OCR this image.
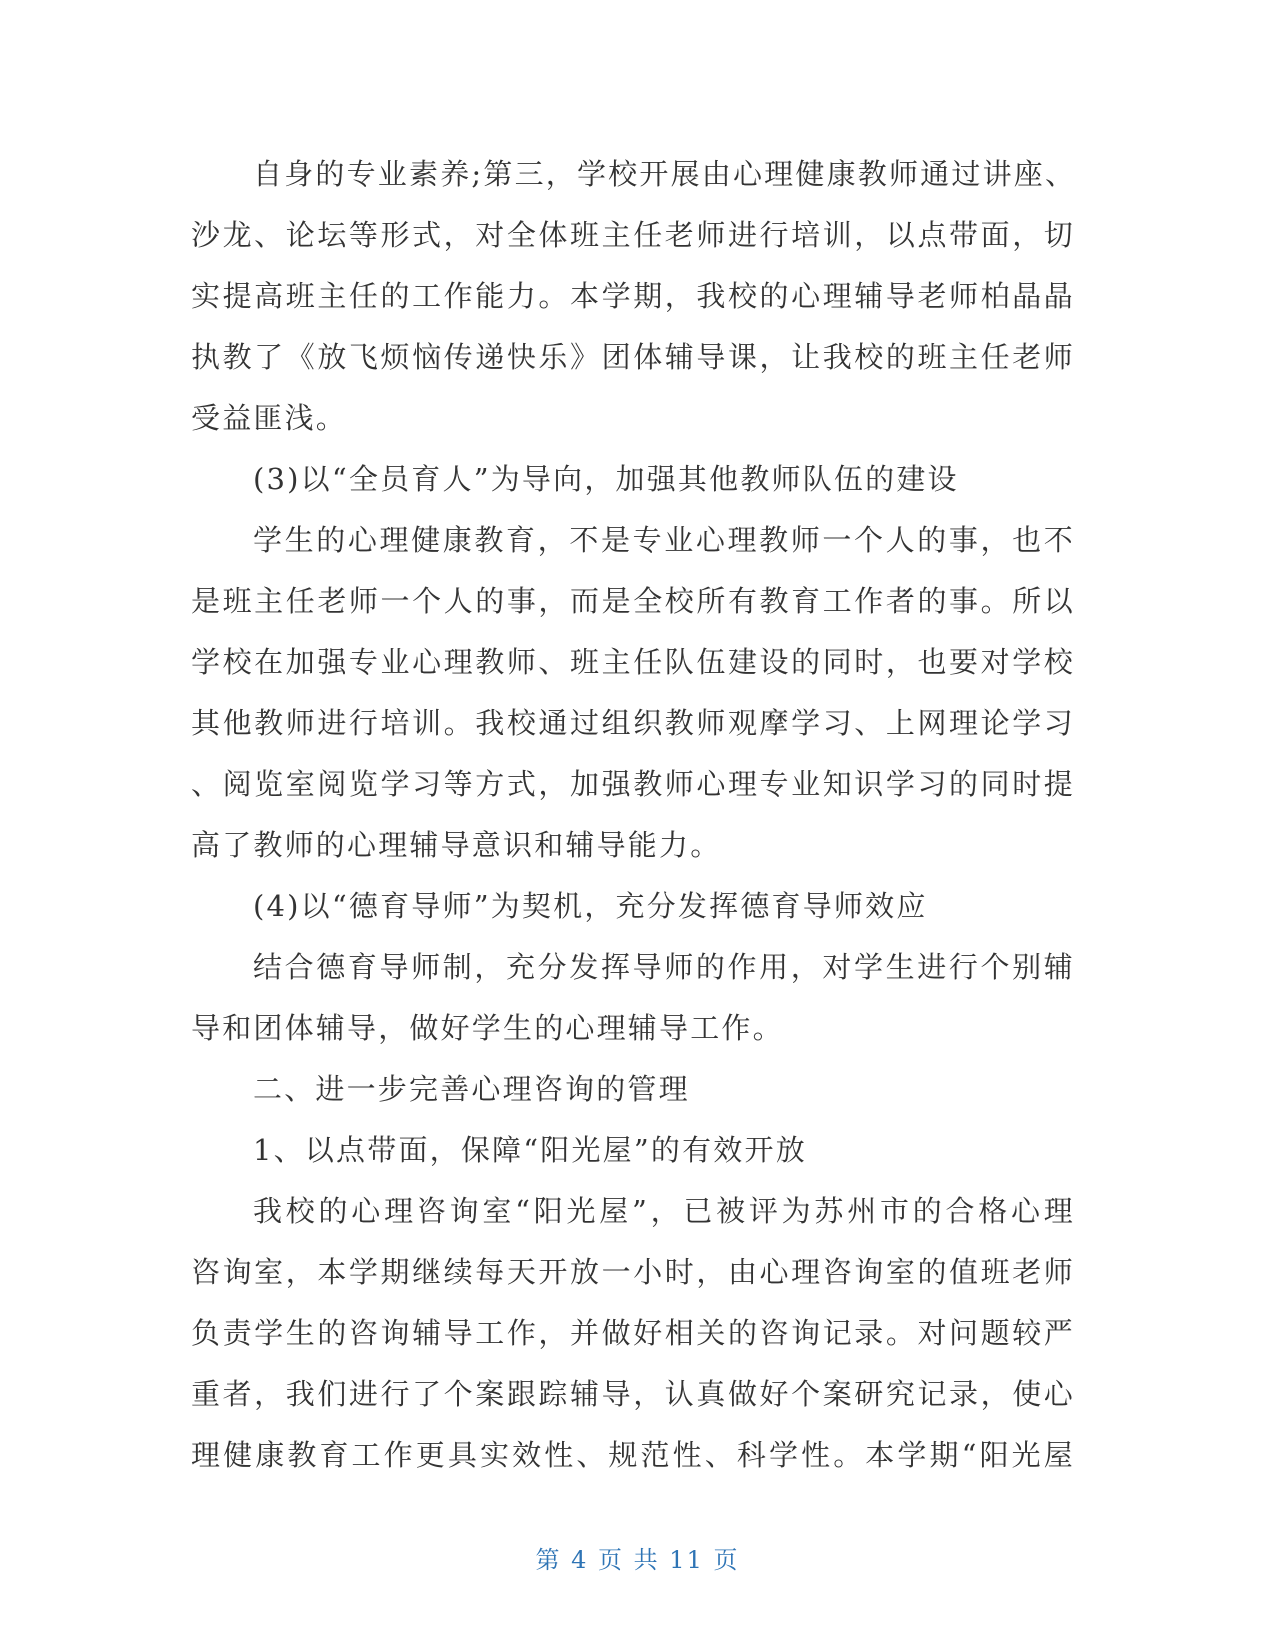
自身的专业素养;第三，学校开展由心理健康教师通过讲座、
沙龙、论坛等形式，对全体班主任老师进行培训，以点带面，切
实提高班主任的工作能力。本学期，我校的心理辅导老师柏晶晶
执教了《放飞烦恼传递快乐》团体辅导课，让我校的班主任老师
受益匪浅。
(3)以“全员育人”为导向，加强其他教师队伍的建设
学生的心理健康教育，不是专业心理教师一个人的事，也不
是班主任老师一个人的事，而是全校所有教育工作者的事。所以
学校在加强专业心理教师、班主任队伍建设的同时，也要对学校
其他教师进行培训。我校通过组织教师观摩学习、上网理论学习
、阅览室阅览学习等方式，加强教师心理专业知识学习的同时提
高了教师的心理辅导意识和辅导能力。
(4)以“德育导师”为契机，充分发挥德育导师效应
结合德育导师制，充分发挥导师的作用，对学生进行个别辅
导和团体辅导，做好学生的心理辅导工作。
二、进一步完善心理咨询的管理
1、以点带面，保障“阳光屋”的有效开放
我校的心理咨询室“阳光屋”，已被评为苏州市的合格心理
咨询室，本学期继续每天开放一小时，由心理咨询室的值班老师
负责学生的咨询辅导工作，并做好相关的咨询记录。对问题较严
重者，我们进行了个案跟踪辅导，认真做好个案研究记录，使心
理健康教育工作更具实效性、规范性、科学性。本学期“阳光屋
第 4 页 共 11 页
